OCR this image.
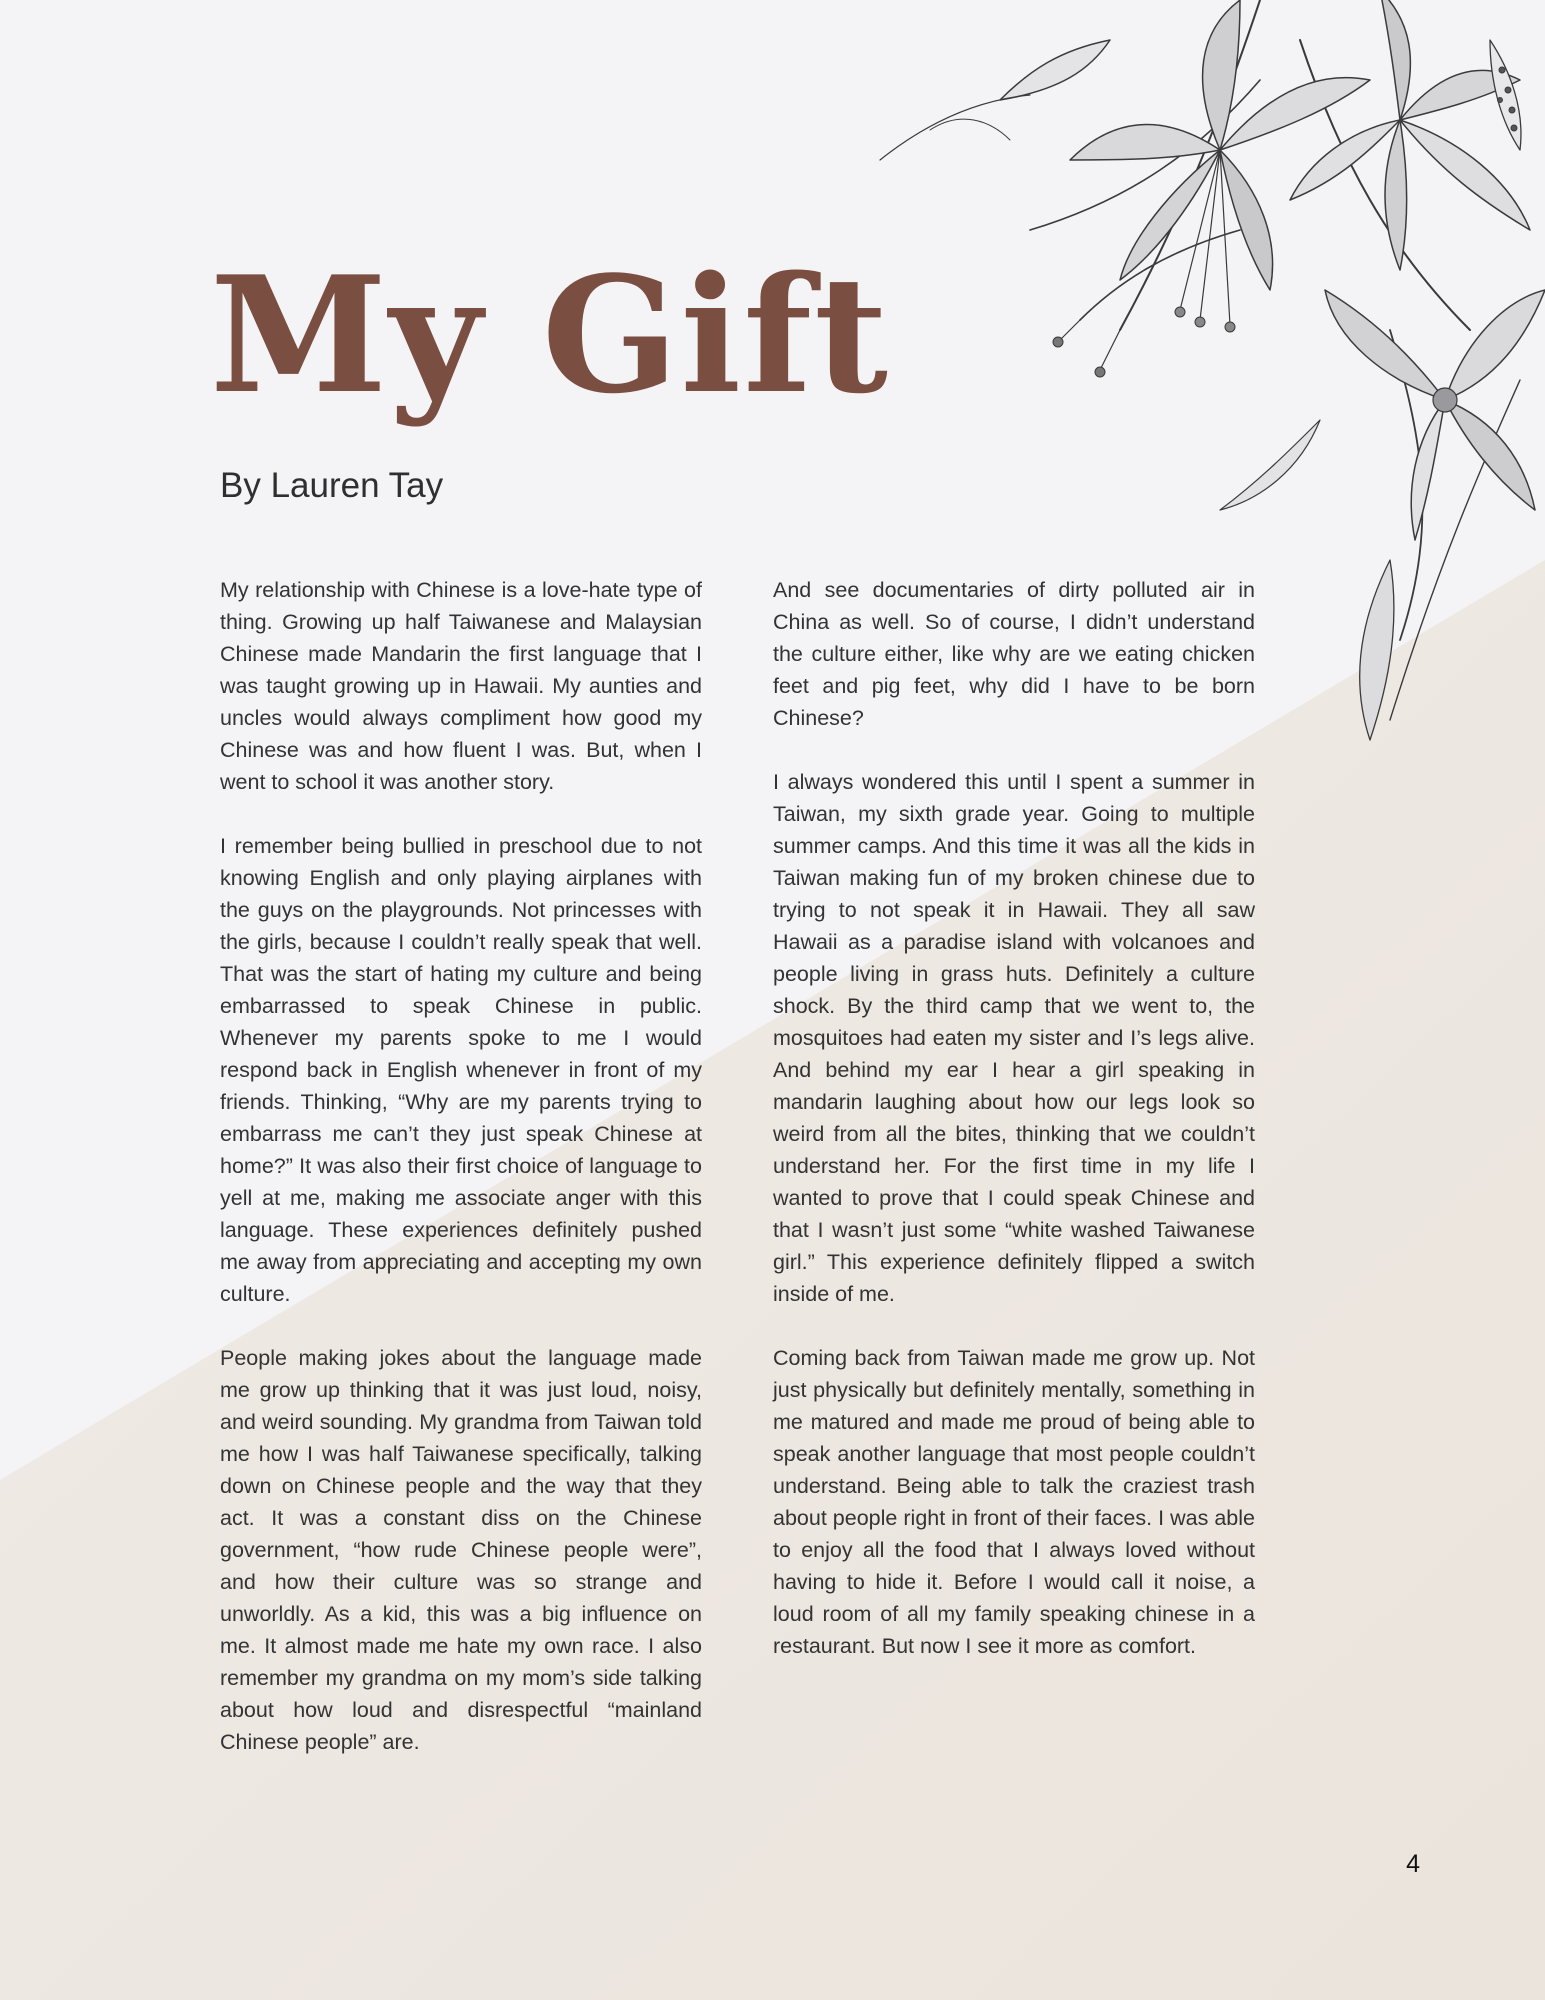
My Gift
By Lauren Tay

My relationship with Chinese is a love-hate type of thing. Growing up half Taiwanese and Malaysian Chinese made Mandarin the first language that I was taught growing up in Hawaii. My aunties and uncles would always compliment how good my Chinese was and how fluent I was. But, when I went to school it was another story.

I remember being bullied in preschool due to not knowing English and only playing airplanes with the guys on the playgrounds. Not princesses with the girls, because I couldn’t really speak that well. That was the start of hating my culture and being embarrassed to speak Chinese in public. Whenever my parents spoke to me I would respond back in English whenever in front of my friends. Thinking, “Why are my parents trying to embarrass me can’t they just speak Chinese at home?” It was also their first choice of language to yell at me, making me associate anger with this language. These experiences definitely pushed me away from appreciating and accepting my own culture.

People making jokes about the language made me grow up thinking that it was just loud, noisy, and weird sounding. My grandma from Taiwan told me how I was half Taiwanese specifically, talking down on Chinese people and the way that they act. It was a constant diss on the Chinese government, “how rude Chinese people were”, and how their culture was so strange and unworldly. As a kid, this was a big influence on me. It almost made me hate my own race. I also remember my grandma on my mom’s side talking about how loud and disrespectful “mainland Chinese people” are.

And see documentaries of dirty polluted air in China as well. So of course, I didn’t understand the culture either, like why are we eating chicken feet and pig feet, why did I have to be born Chinese?

I always wondered this until I spent a summer in Taiwan, my sixth grade year. Going to multiple summer camps. And this time it was all the kids in Taiwan making fun of my broken chinese due to trying to not speak it in Hawaii. They all saw Hawaii as a paradise island with volcanoes and people living in grass huts. Definitely a culture shock. By the third camp that we went to, the mosquitoes had eaten my sister and I’s legs alive. And behind my ear I hear a girl speaking in mandarin laughing about how our legs look so weird from all the bites, thinking that we couldn’t understand her. For the first time in my life I wanted to prove that I could speak Chinese and that I wasn’t just some “white washed Taiwanese girl.” This experience definitely flipped a switch inside of me.

Coming back from Taiwan made me grow up. Not just physically but definitely mentally, something in me matured and made me proud of being able to speak another language that most people couldn’t understand. Being able to talk the craziest trash about people right in front of their faces. I was able to enjoy all the food that I always loved without having to hide it. Before I would call it noise, a loud room of all my family speaking chinese in a restaurant. But now I see it more as comfort.

4
